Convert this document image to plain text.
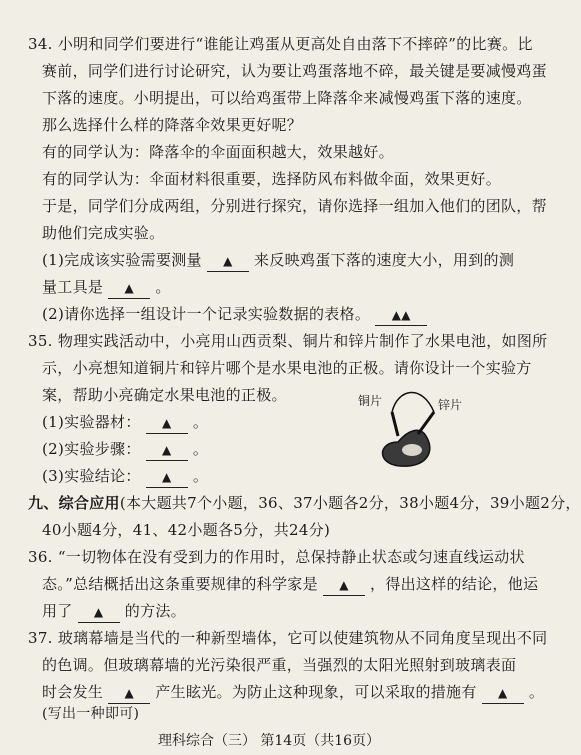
34. 小明和同学们要进行“谁能让鸡蛋从更高处自由落下不摔碎”的比赛。比
赛前，同学们进行讨论研究，认为要让鸡蛋落地不碎，最关键是要减慢鸡蛋
下落的速度。小明提出，可以给鸡蛋带上降落伞来减慢鸡蛋下落的速度。
那么选择什么样的降落伞效果更好呢？
有的同学认为：降落伞的伞面面积越大，效果越好。
有的同学认为：伞面材料很重要，选择防风布料做伞面，效果更好。
于是，同学们分成两组，分别进行探究，请你选择一组加入他们的团队，帮
助他们完成实验。
(1)完成该实验需要测量 ▲ 来反映鸡蛋下落的速度大小，用到的测
量工具是 ▲ 。
(2)请你选择一组设计一个记录实验数据的表格。 ▲▲
35. 物理实践活动中，小亮用山西贡梨、铜片和锌片制作了水果电池，如图所
示，小亮想知道铜片和锌片哪个是水果电池的正极。请你设计一个实验方
案，帮助小亮确定水果电池的正极。
(1)实验器材： ▲ 。
(2)实验步骤： ▲ 。
(3)实验结论： ▲ 。
铜片	锌片
九、综合应用(本大题共7个小题，36、37小题各2分，38小题4分，39小题2分，
40小题4分，41、42小题各5分，共24分)
36. “一切物体在没有受到力的作用时，总保持静止状态或匀速直线运动状
态。”总结概括出这条重要规律的科学家是 ▲ ，得出这样的结论，他运
用了 ▲ 的方法。
37. 玻璃幕墙是当代的一种新型墙体，它可以使建筑物从不同角度呈现出不同
的色调。但玻璃幕墙的光污染很严重，当强烈的太阳光照射到玻璃表面
时会发生 ▲ 产生眩光。为防止这种现象，可以采取的措施有 ▲ 。
(写出一种即可)
理科综合（三） 第14页（共16页）
